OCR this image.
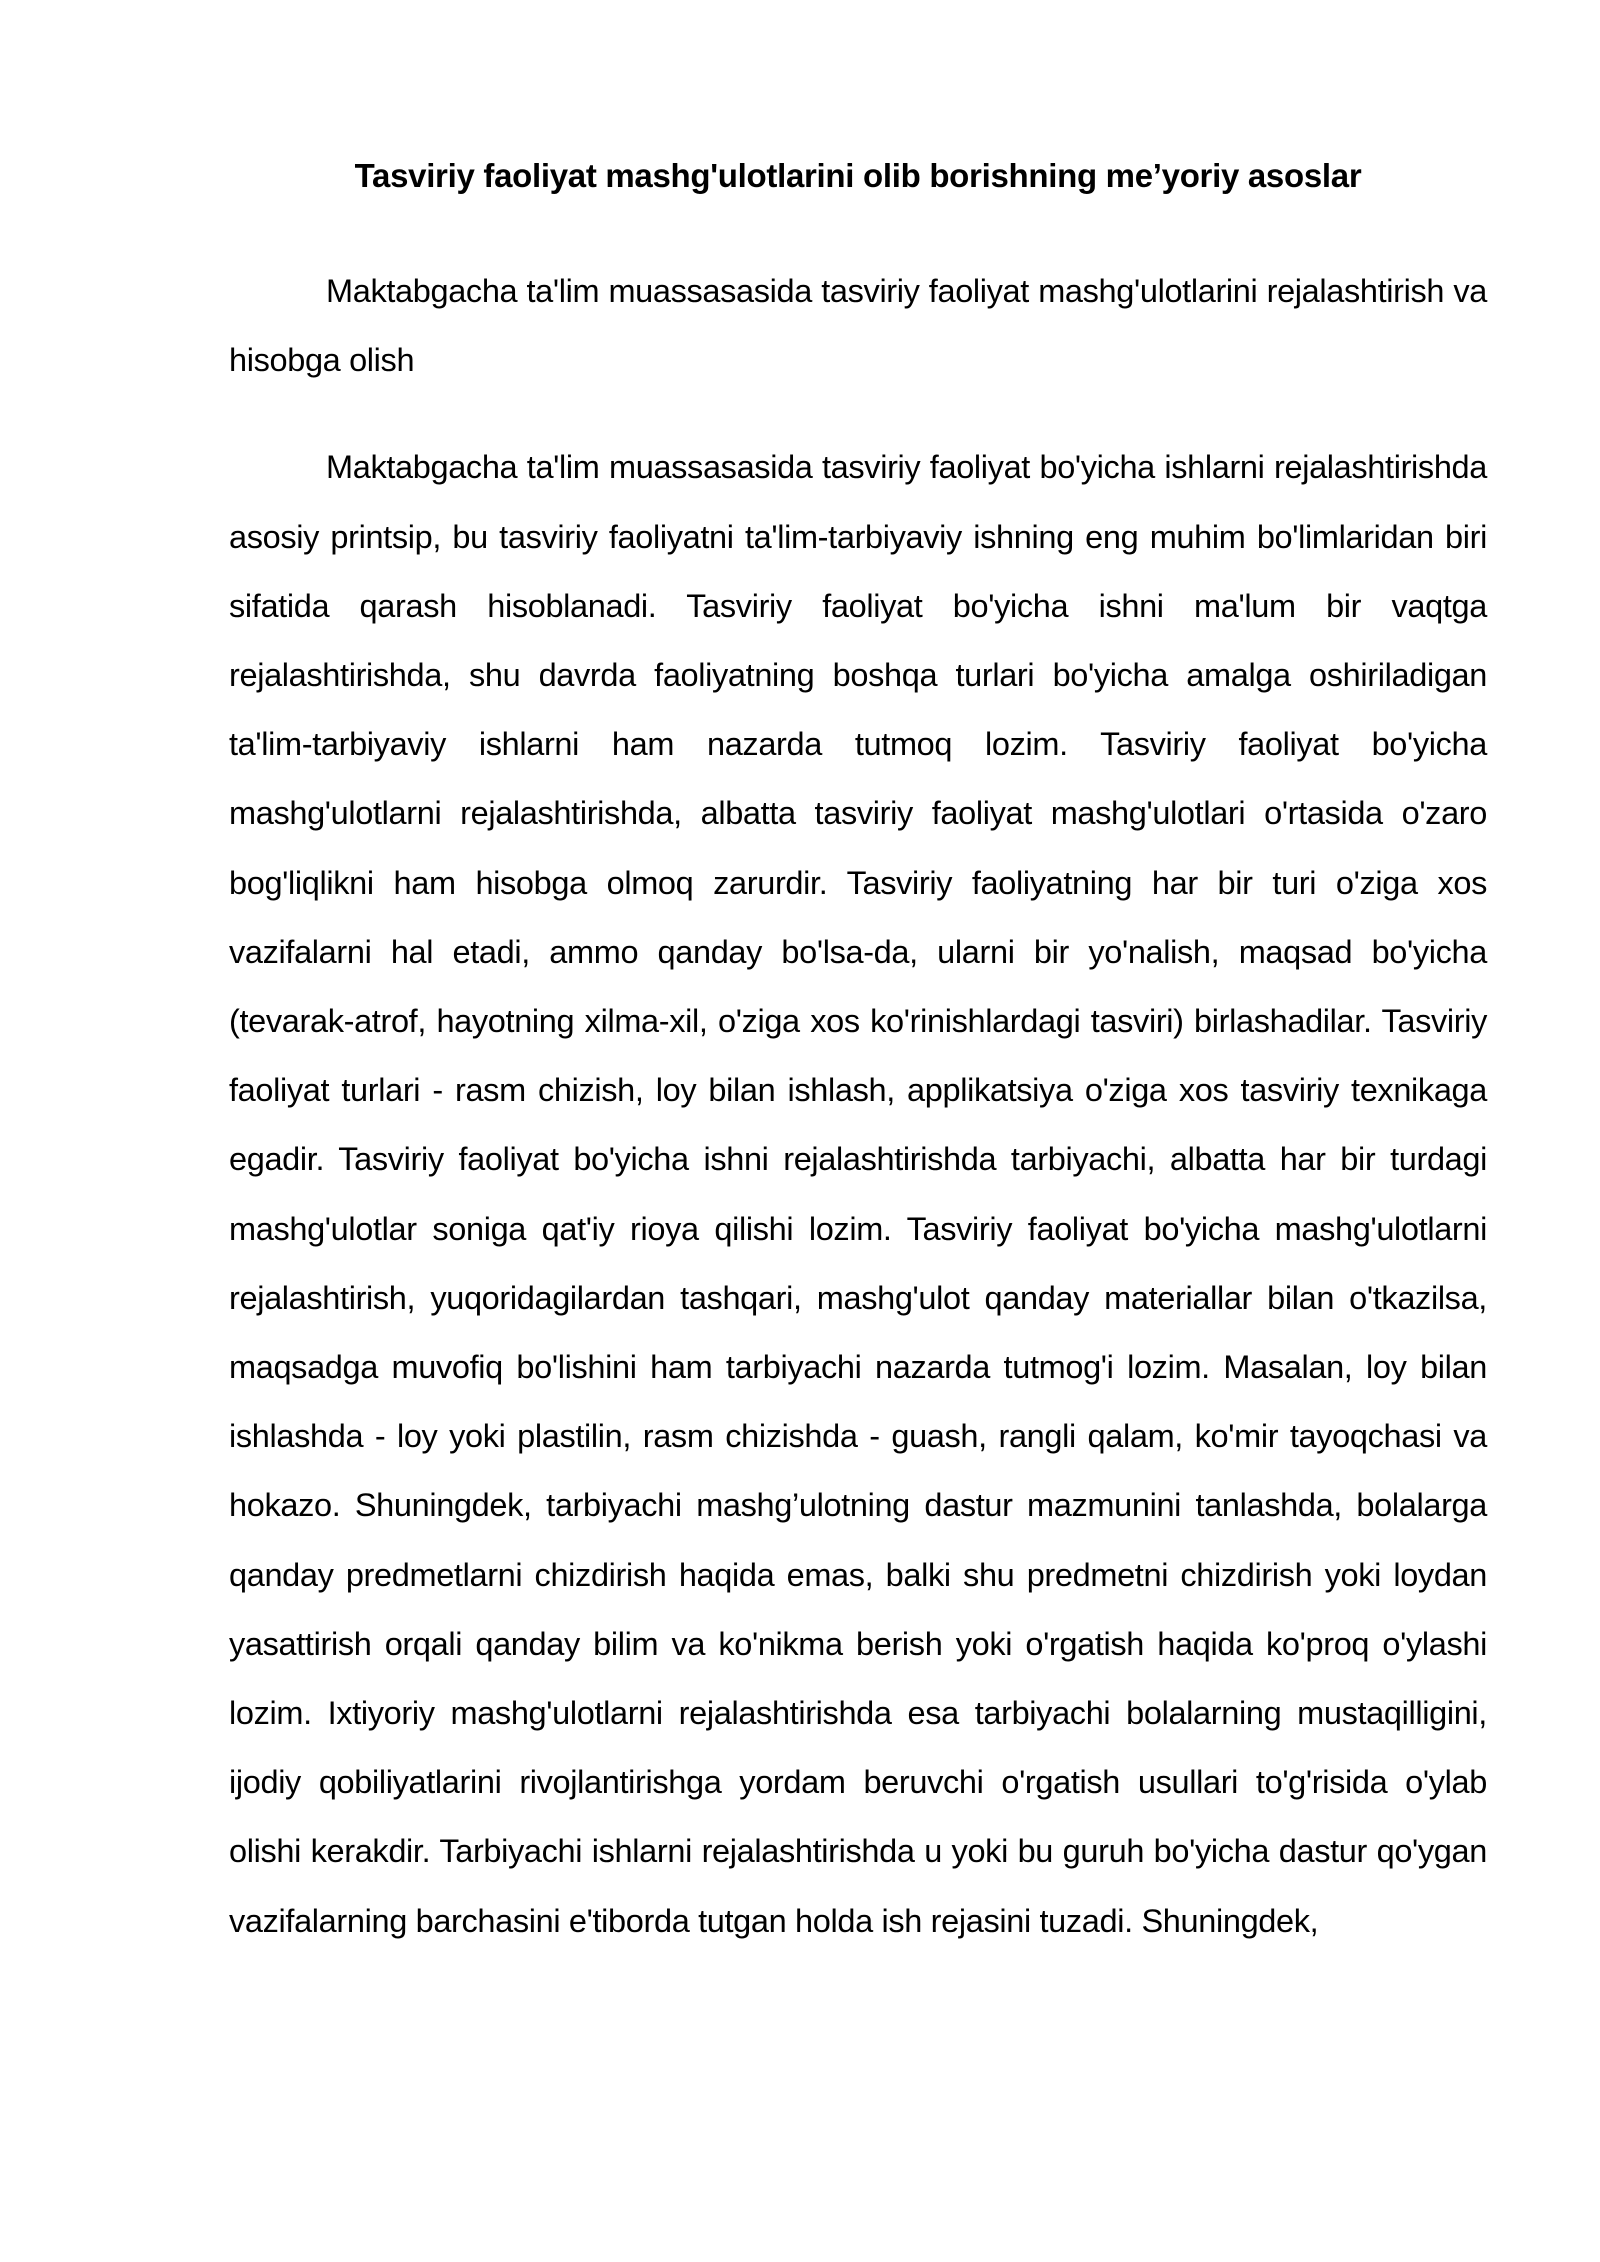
Tasviriy faoliyat mashg'ulotlarini olib borishning me’yoriy asoslar

Maktabgacha ta'lim muassasasida tasviriy faoliyat mashg'ulotlarini rejalashtirish va hisobga olish

Maktabgacha ta'lim muassasasida tasviriy faoliyat bo'yicha ishlarni rejalashtirishda asosiy printsip, bu tasviriy faoliyatni ta'lim-tarbiyaviy ishning eng muhim bo'limlaridan biri sifatida qarash hisoblanadi. Tasviriy faoliyat bo'yicha ishni ma'lum bir vaqtga rejalashtirishda, shu davrda faoliyatning boshqa turlari bo'yicha amalga oshiriladigan ta'lim-tarbiyaviy ishlarni ham nazarda tutmoq lozim. Tasviriy faoliyat bo'yicha mashg'ulotlarni rejalashtirishda, albatta tasviriy faoliyat mashg'ulotlari o'rtasida o'zaro bog'liqlikni ham hisobga olmoq zarurdir. Tasviriy faoliyatning har bir turi o'ziga xos vazifalarni hal etadi, ammo qanday bo'lsa-da, ularni bir yo'nalish, maqsad bo'yicha (tevarak-atrof, hayotning xilma-xil, o'ziga xos ko'rinishlardagi tasviri) birlashadilar. Tasviriy faoliyat turlari - rasm chizish, loy bilan ishlash, applikatsiya o'ziga xos tasviriy texnikaga egadir. Tasviriy faoliyat bo'yicha ishni rejalashtirishda tarbiyachi, albatta har bir turdagi mashg'ulotlar soniga qat'iy rioya qilishi lozim. Tasviriy faoliyat bo'yicha mashg'ulotlarni rejalashtirish, yuqoridagilardan tashqari, mashg'ulot qanday materiallar bilan o'tkazilsa, maqsadga muvofiq bo'lishini ham tarbiyachi nazarda tutmog'i lozim. Masalan, loy bilan ishlashda - loy yoki plastilin, rasm chizishda - guash, rangli qalam, ko'mir tayoqchasi va hokazo. Shuningdek, tarbiyachi mashg’ulotning dastur mazmunini tanlashda, bolalarga qanday predmetlarni chizdirish haqida emas, balki shu predmetni chizdirish yoki loydan yasattirish orqali qanday bilim va ko'nikma berish yoki o'rgatish haqida ko'proq o'ylashi lozim. Ixtiyoriy mashg'ulotlarni rejalashtirishda esa tarbiyachi bolalarning mustaqilligini, ijodiy qobiliyatlarini rivojlantirishga yordam beruvchi o'rgatish usullari to'g'risida o'ylab olishi kerakdir. Tarbiyachi ishlarni rejalashtirishda u yoki bu guruh bo'yicha dastur qo'ygan vazifalarning barchasini e'tiborda tutgan holda ish rejasini tuzadi. Shuningdek,
